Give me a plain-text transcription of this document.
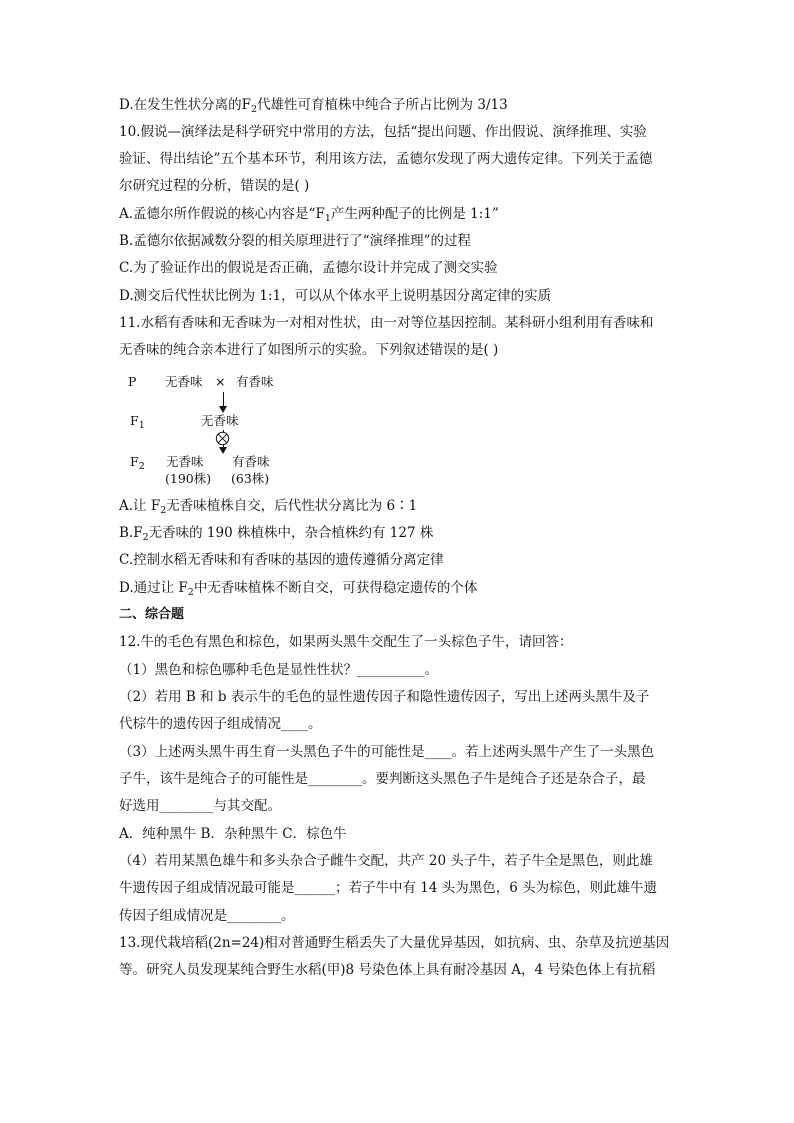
D.在发生性状分离的$F_2$代雄性可育植株中纯合子所占比例为 3/13
10.假说—演绎法是科学研究中常用的方法，包括“提出问题、作出假说、演绎推理、实验
验证、得出结论”五个基本环节，利用该方法，孟德尔发现了两大遗传定律。下列关于孟德
尔研究过程的分析，错误的是( )
A.孟德尔所作假说的核心内容是“$F_1$产生两种配子的比例是 1:1”
B.孟德尔依据减数分裂的相关原理进行了“演绎推理”的过程
C.为了验证作出的假说是否正确，孟德尔设计并完成了测交实验
D.测交后代性状比例为 1:1，可以从个体水平上说明基因分离定律的实质
11.水稻有香味和无香味为一对相对性状，由一对等位基因控制。某科研小组利用有香味和
无香味的纯合亲本进行了如图所示的实验。下列叙述错误的是( )
P 无香味 × 有香味
$F_1$	无香味
$F_2$ 无香味
(190株)
有香味
(63株)
A.让 $F_2$无香味植株自交，后代性状分离比为 6∶1
$B.F_2$无香味的 190 株植株中，杂合植株约有 127 株
C.控制水稻无香味和有香味的基因的遗传遵循分离定律
D.通过让 $F_2$中无香味植株不断自交，可获得稳定遗传的个体
二、综合题
12.牛的毛色有黑色和棕色，如果两头黑牛交配生了一头棕色子牛，请回答：
（1）黑色和棕色哪种毛色是显性性状？__________。
（2）若用 B 和 b 表示牛的毛色的显性遗传因子和隐性遗传因子，写出上述两头黑牛及子
代棕牛的遗传因子组成情况____。
（3）上述两头黑牛再生育一头黑色子牛的可能性是____。若上述两头黑牛产生了一头黑色
子牛，该牛是纯合子的可能性是________。要判断这头黑色子牛是纯合子还是杂合子，最
好选用________与其交配。
A．纯种黑牛 B．杂种黑牛 C．棕色牛
（4）若用某黑色雄牛和多头杂合子雌牛交配，共产 20 头子牛，若子牛全是黑色，则此雄
牛遗传因子组成情况最可能是______；若子牛中有 14 头为黑色，6 头为棕色，则此雄牛遗
传因子组成情况是________。
13.现代栽培稻(2n=24)相对普通野生稻丢失了大量优异基因，如抗病、虫、杂草及抗逆基因
等。研究人员发现某纯合野生水稻(甲)8 号染色体上具有耐冷基因 A，4 号染色体上有抗稻
